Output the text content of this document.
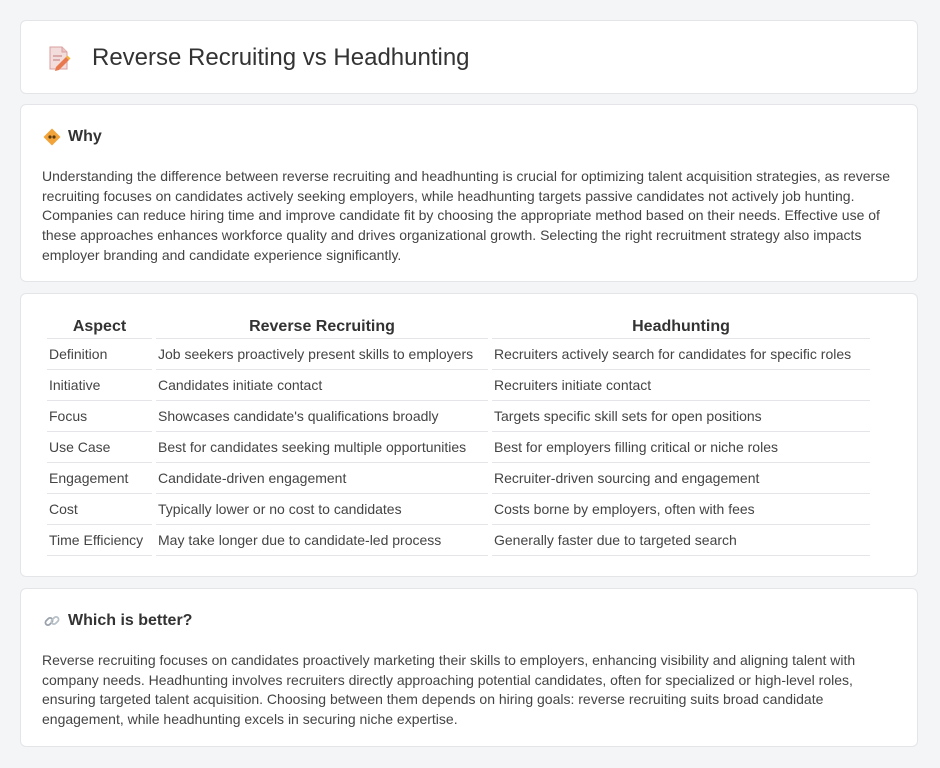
Reverse Recruiting vs Headhunting
Why

Understanding the difference between reverse recruiting and headhunting is crucial for optimizing talent acquisition strategies, as reverse recruiting focuses on candidates actively seeking employers, while headhunting targets passive candidates not actively job hunting. Companies can reduce hiring time and improve candidate fit by choosing the appropriate method based on their needs. Effective use of these approaches enhances workforce quality and drives organizational growth. Selecting the right recruitment strategy also impacts employer branding and candidate experience significantly.

Aspect	Reverse Recruiting	Headhunting
Definition	Job seekers proactively present skills to employers	Recruiters actively search for candidates for specific roles
Initiative	Candidates initiate contact	Recruiters initiate contact
Focus	Showcases candidate's qualifications broadly	Targets specific skill sets for open positions
Use Case	Best for candidates seeking multiple opportunities	Best for employers filling critical or niche roles
Engagement	Candidate-driven engagement	Recruiter-driven sourcing and engagement
Cost	Typically lower or no cost to candidates	Costs borne by employers, often with fees
Time Efficiency	May take longer due to candidate-led process	Generally faster due to targeted search
Which is better?

Reverse recruiting focuses on candidates proactively marketing their skills to employers, enhancing visibility and aligning talent with company needs. Headhunting involves recruiters directly approaching potential candidates, often for specialized or high-level roles, ensuring targeted talent acquisition. Choosing between them depends on hiring goals: reverse recruiting suits broad candidate engagement, while headhunting excels in securing niche expertise.
